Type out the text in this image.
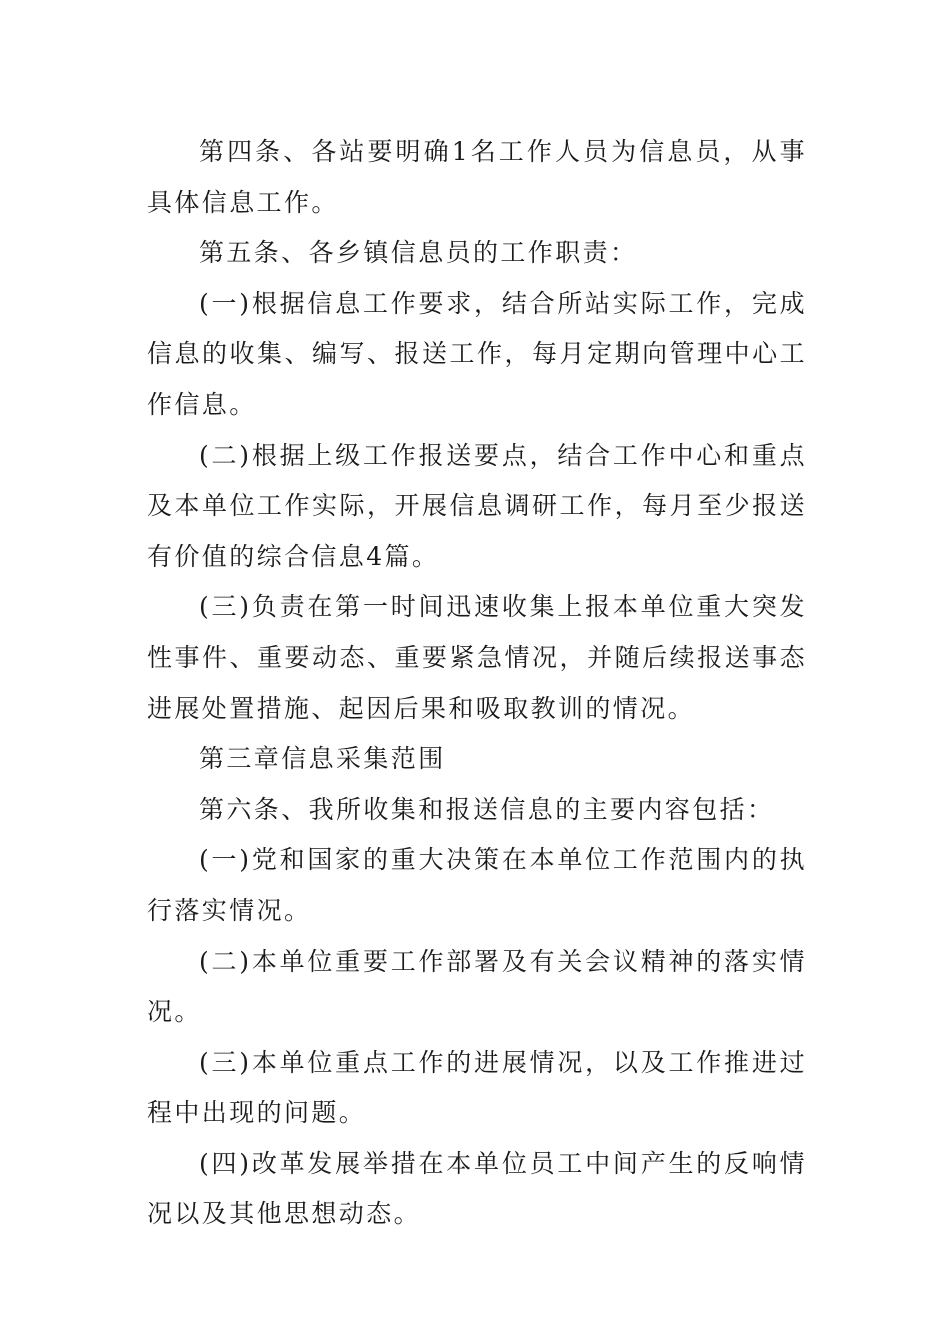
第四条、各站要明确1名工作人员为信息员，从事具体信息工作。

第五条、各乡镇信息员的工作职责：

(一)根据信息工作要求，结合所站实际工作，完成信息的收集、编写、报送工作，每月定期向管理中心工作信息。

(二)根据上级工作报送要点，结合工作中心和重点及本单位工作实际，开展信息调研工作，每月至少报送有价值的综合信息4篇。

(三)负责在第一时间迅速收集上报本单位重大突发性事件、重要动态、重要紧急情况，并随后续报送事态进展处置措施、起因后果和吸取教训的情况。

第三章信息采集范围

第六条、我所收集和报送信息的主要内容包括：

(一)党和国家的重大决策在本单位工作范围内的执行落实情况。

(二)本单位重要工作部署及有关会议精神的落实情况。

(三)本单位重点工作的进展情况，以及工作推进过程中出现的问题。

(四)改革发展举措在本单位员工中间产生的反响情况以及其他思想动态。
